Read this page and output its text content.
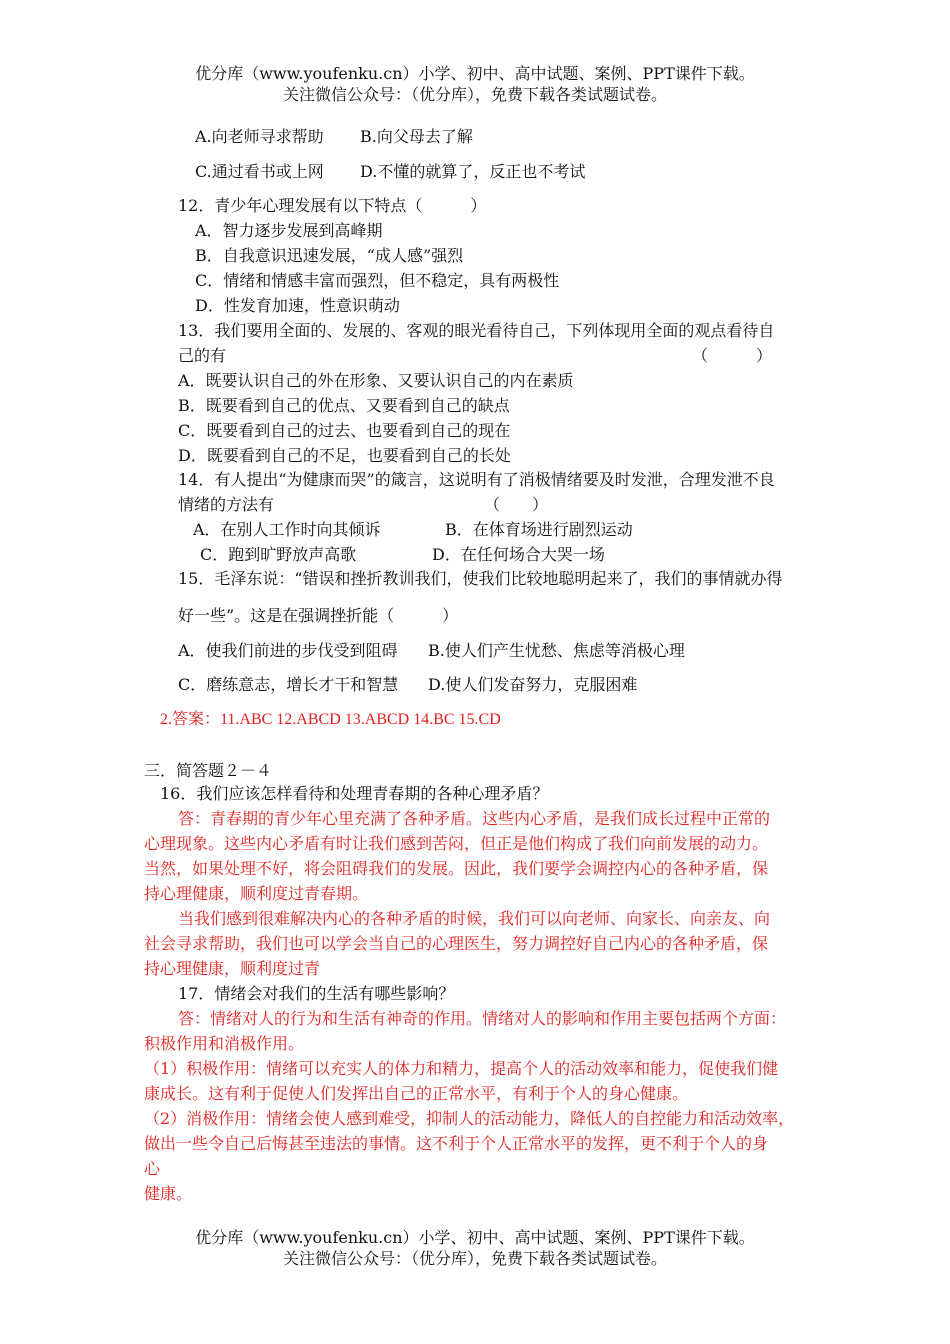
优分库（www.youfenku.cn）小学、初中、高中试题、案例、PPT课件下载。
关注微信公众号：（优分库），免费下载各类试题试卷。
A.向老师寻求帮助 B.向父母去了解
C.通过看书或上网 D.不懂的就算了，反正也不考试
12．青少年心理发展有以下特点（　　　）
A．智力逐步发展到高峰期
B．自我意识迅速发展，“成人感”强烈
C．情绪和情感丰富而强烈，但不稳定，具有两极性
D．性发育加速，性意识萌动
13．我们要用全面的、发展的、客观的眼光看待自己，下列体现用全面的观点看待自
己的有	（　　　）
A．既要认识自己的外在形象、又要认识自己的内在素质
B．既要看到自己的优点、又要看到自己的缺点
C．既要看到自己的过去、也要看到自己的现在
D．既要看到自己的不足，也要看到自己的长处
14．有人提出“为健康而哭”的箴言，这说明有了消极情绪要及时发泄，合理发泄不良
情绪的方法有	（　　）
A．在别人工作时向其倾诉	B．在体育场进行剧烈运动
C．跑到旷野放声高歌	D．在任何场合大哭一场
15．毛泽东说：“错误和挫折教训我们，使我们比较地聪明起来了，我们的事情就办得
好一些”。这是在强调挫折能（　　　）
A．使我们前进的步伐受到阻碍 B.使人们产生忧愁、焦虑等消极心理
C．磨练意志，增长才干和智慧 D.使人们发奋努力，克服困难
2.答案：11.ABC 12.ABCD 13.ABCD 14.BC 15.CD
三．简答题２－４
16．我们应该怎样看待和处理青春期的各种心理矛盾？
答：青春期的青少年心里充满了各种矛盾。这些内心矛盾，是我们成长过程中正常的
心理现象。这些内心矛盾有时让我们感到苦闷，但正是他们构成了我们向前发展的动力。
当然，如果处理不好，将会阻碍我们的发展。因此，我们要学会调控内心的各种矛盾，保
持心理健康，顺利度过青春期。
当我们感到很难解决内心的各种矛盾的时候，我们可以向老师、向家长、向亲友、向
社会寻求帮助，我们也可以学会当自己的心理医生，努力调控好自己内心的各种矛盾，保
持心理健康，顺利度过青
17．情绪会对我们的生活有哪些影响？
答：情绪对人的行为和生活有神奇的作用。情绪对人的影响和作用主要包括两个方面：
积极作用和消极作用。
（1）积极作用：情绪可以充实人的体力和精力，提高个人的活动效率和能力，促使我们健
康成长。这有利于促使人们发挥出自己的正常水平，有利于个人的身心健康。
（2）消极作用：情绪会使人感到难受，抑制人的活动能力，降低人的自控能力和活动效率，
做出一些令自己后悔甚至违法的事情。这不利于个人正常水平的发挥，更不利于个人的身
心
健康。
优分库（www.youfenku.cn）小学、初中、高中试题、案例、PPT课件下载。
关注微信公众号：（优分库），免费下载各类试题试卷。
